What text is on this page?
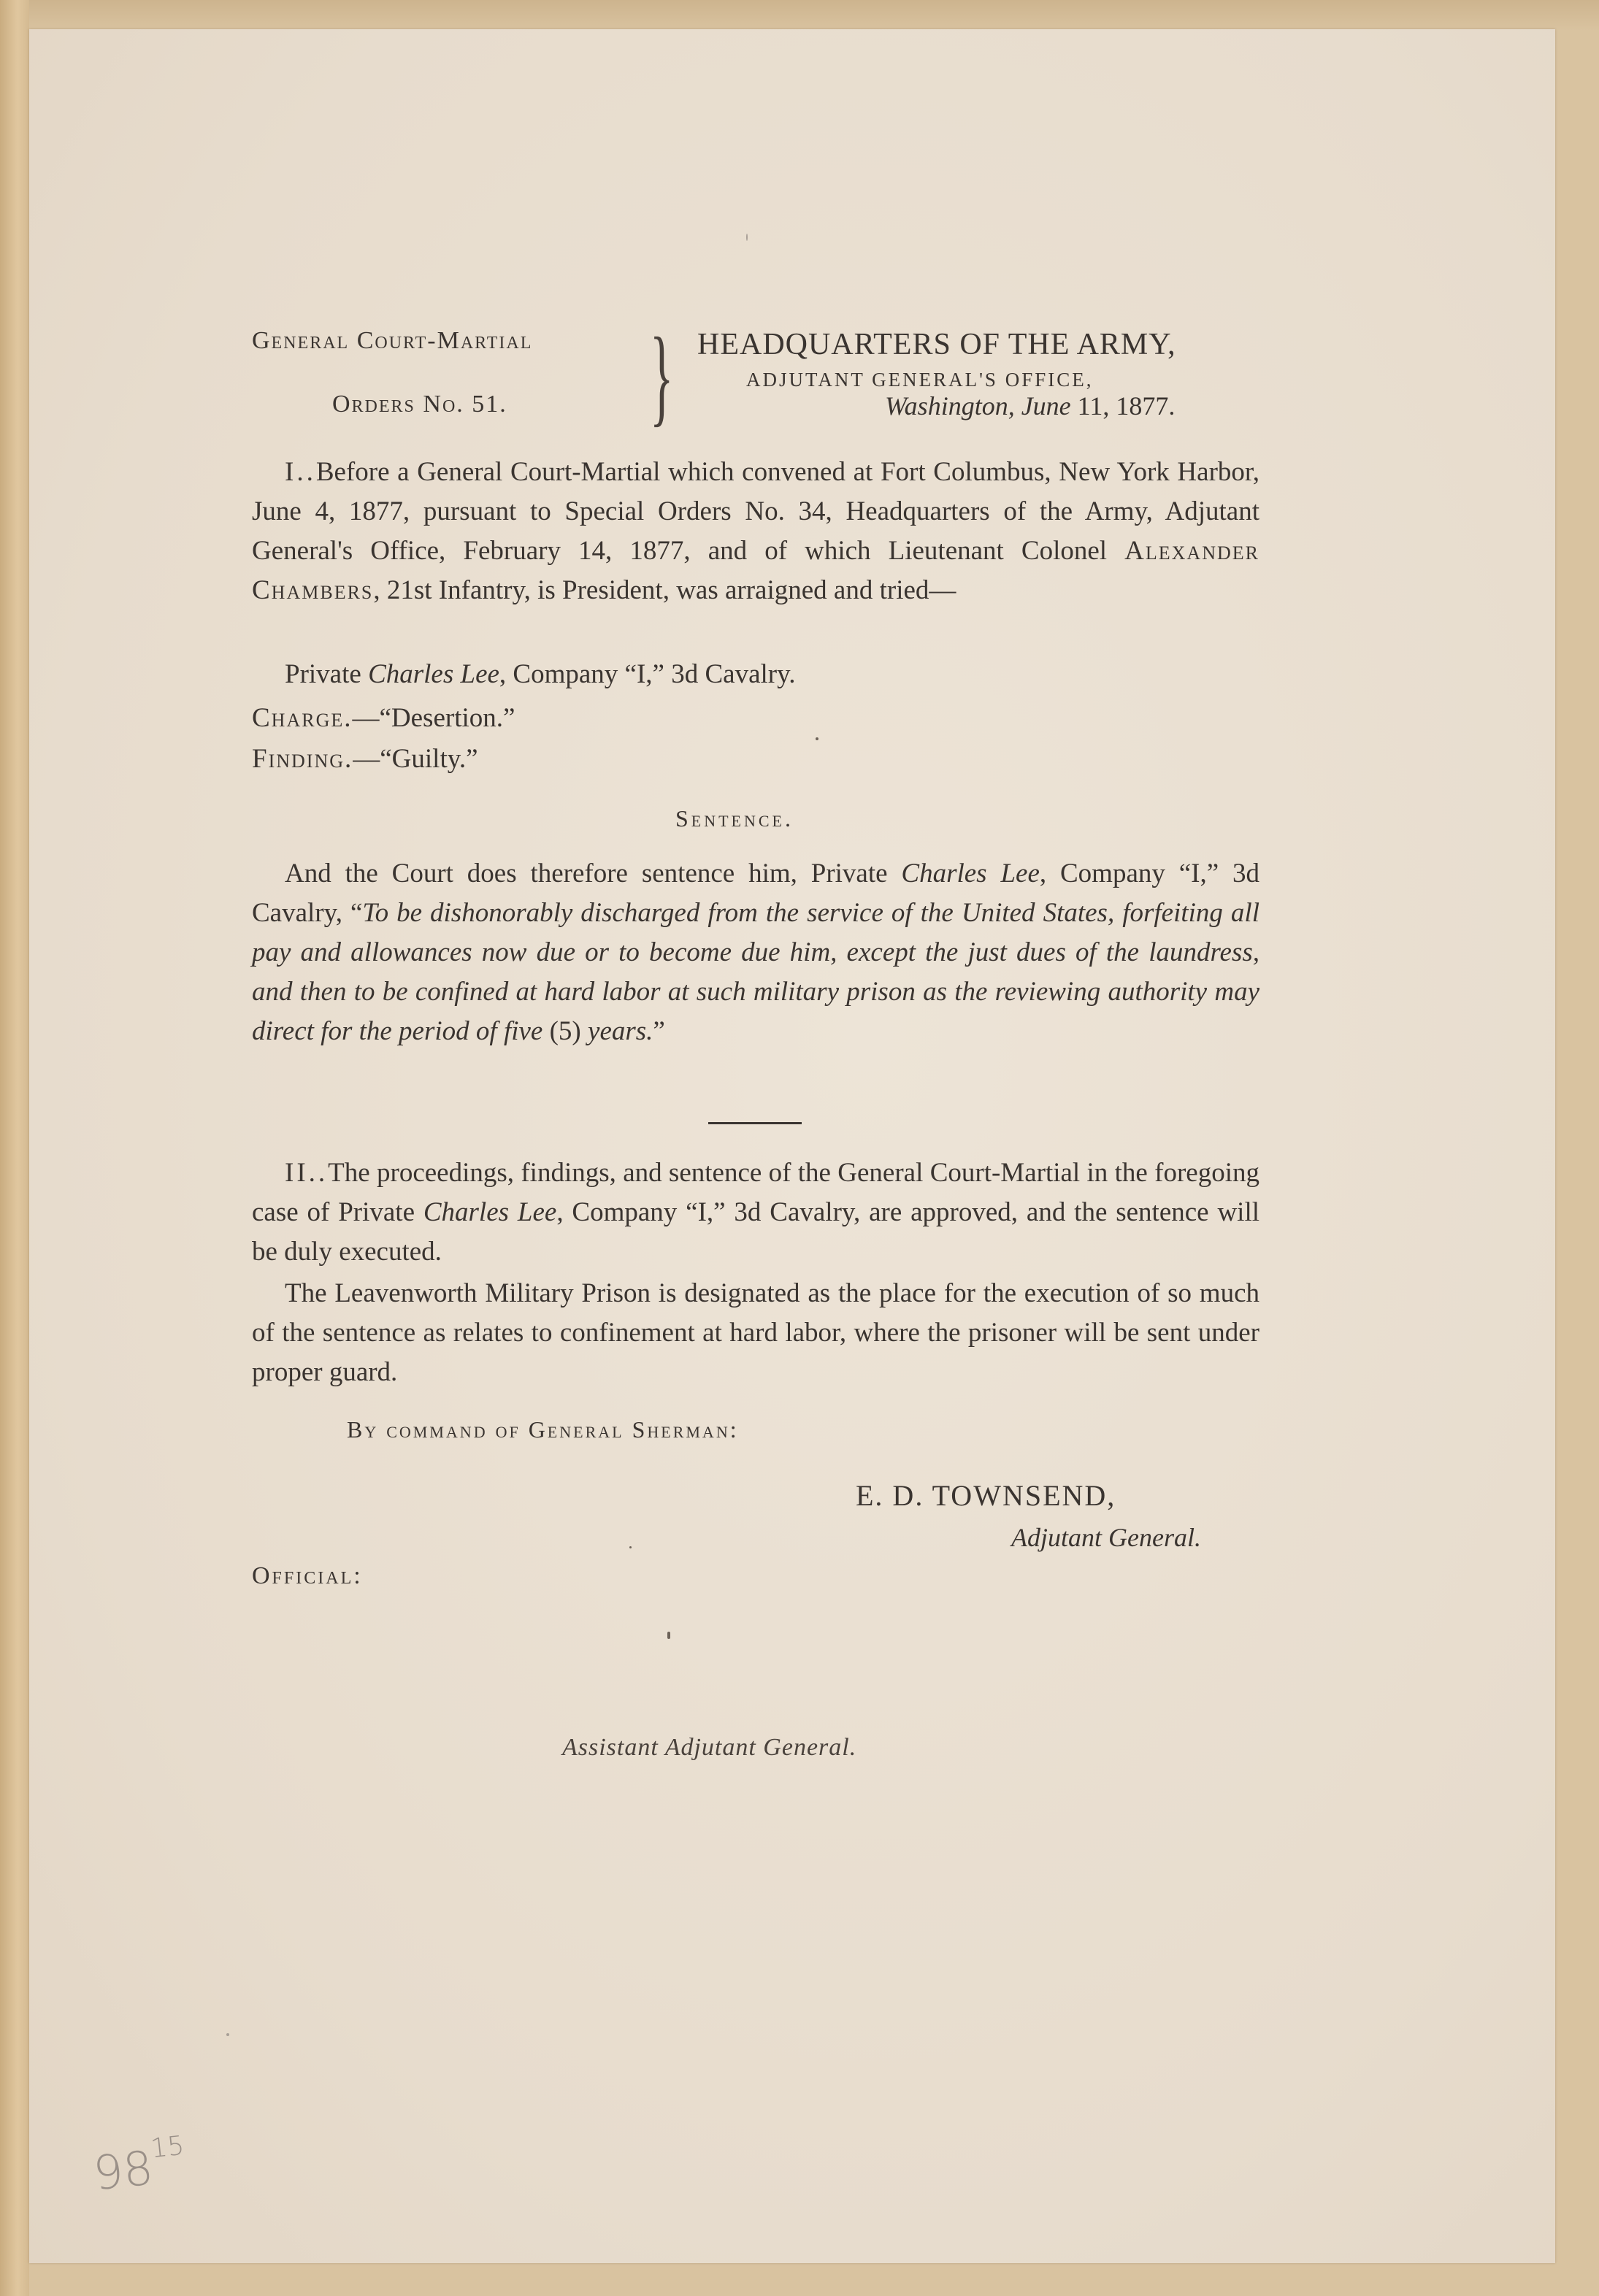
General Court-Martial
Orders No. 51. } HEADQUARTERS OF THE ARMY,
ADJUTANT GENERAL'S OFFICE,
Washington, June 11, 1877.
I..Before a General Court-Martial which convened at Fort Columbus, New York Harbor, June 4, 1877, pursuant to Special Orders No. 34, Headquarters of the Army, Adjutant General's Office, February 14, 1877, and of which Lieutenant Colonel Alexander Chambers, 21st Infantry, is President, was arraigned and tried—
Private Charles Lee, Company “I,” 3d Cavalry.
Charge.—“Desertion.”
Finding.—“Guilty.”
Sentence.
And the Court does therefore sentence him, Private Charles Lee, Company “I,” 3d Cavalry, “To be dishonorably discharged from the service of the United States, forfeiting all pay and allowances now due or to become due him, except the just dues of the laundress, and then to be confined at hard labor at such military prison as the reviewing authority may direct for the period of five (5) years.”
II..The proceedings, findings, and sentence of the General Court-Martial in the foregoing case of Private Charles Lee, Company “I,” 3d Cavalry, are approved, and the sentence will be duly executed.
The Leavenworth Military Prison is designated as the place for the execution of so much of the sentence as relates to confinement at hard labor, where the prisoner will be sent under proper guard.
By command of General Sherman:
E. D. TOWNSEND,
Adjutant General.
Official:
Assistant Adjutant General.
$98^{15}$
